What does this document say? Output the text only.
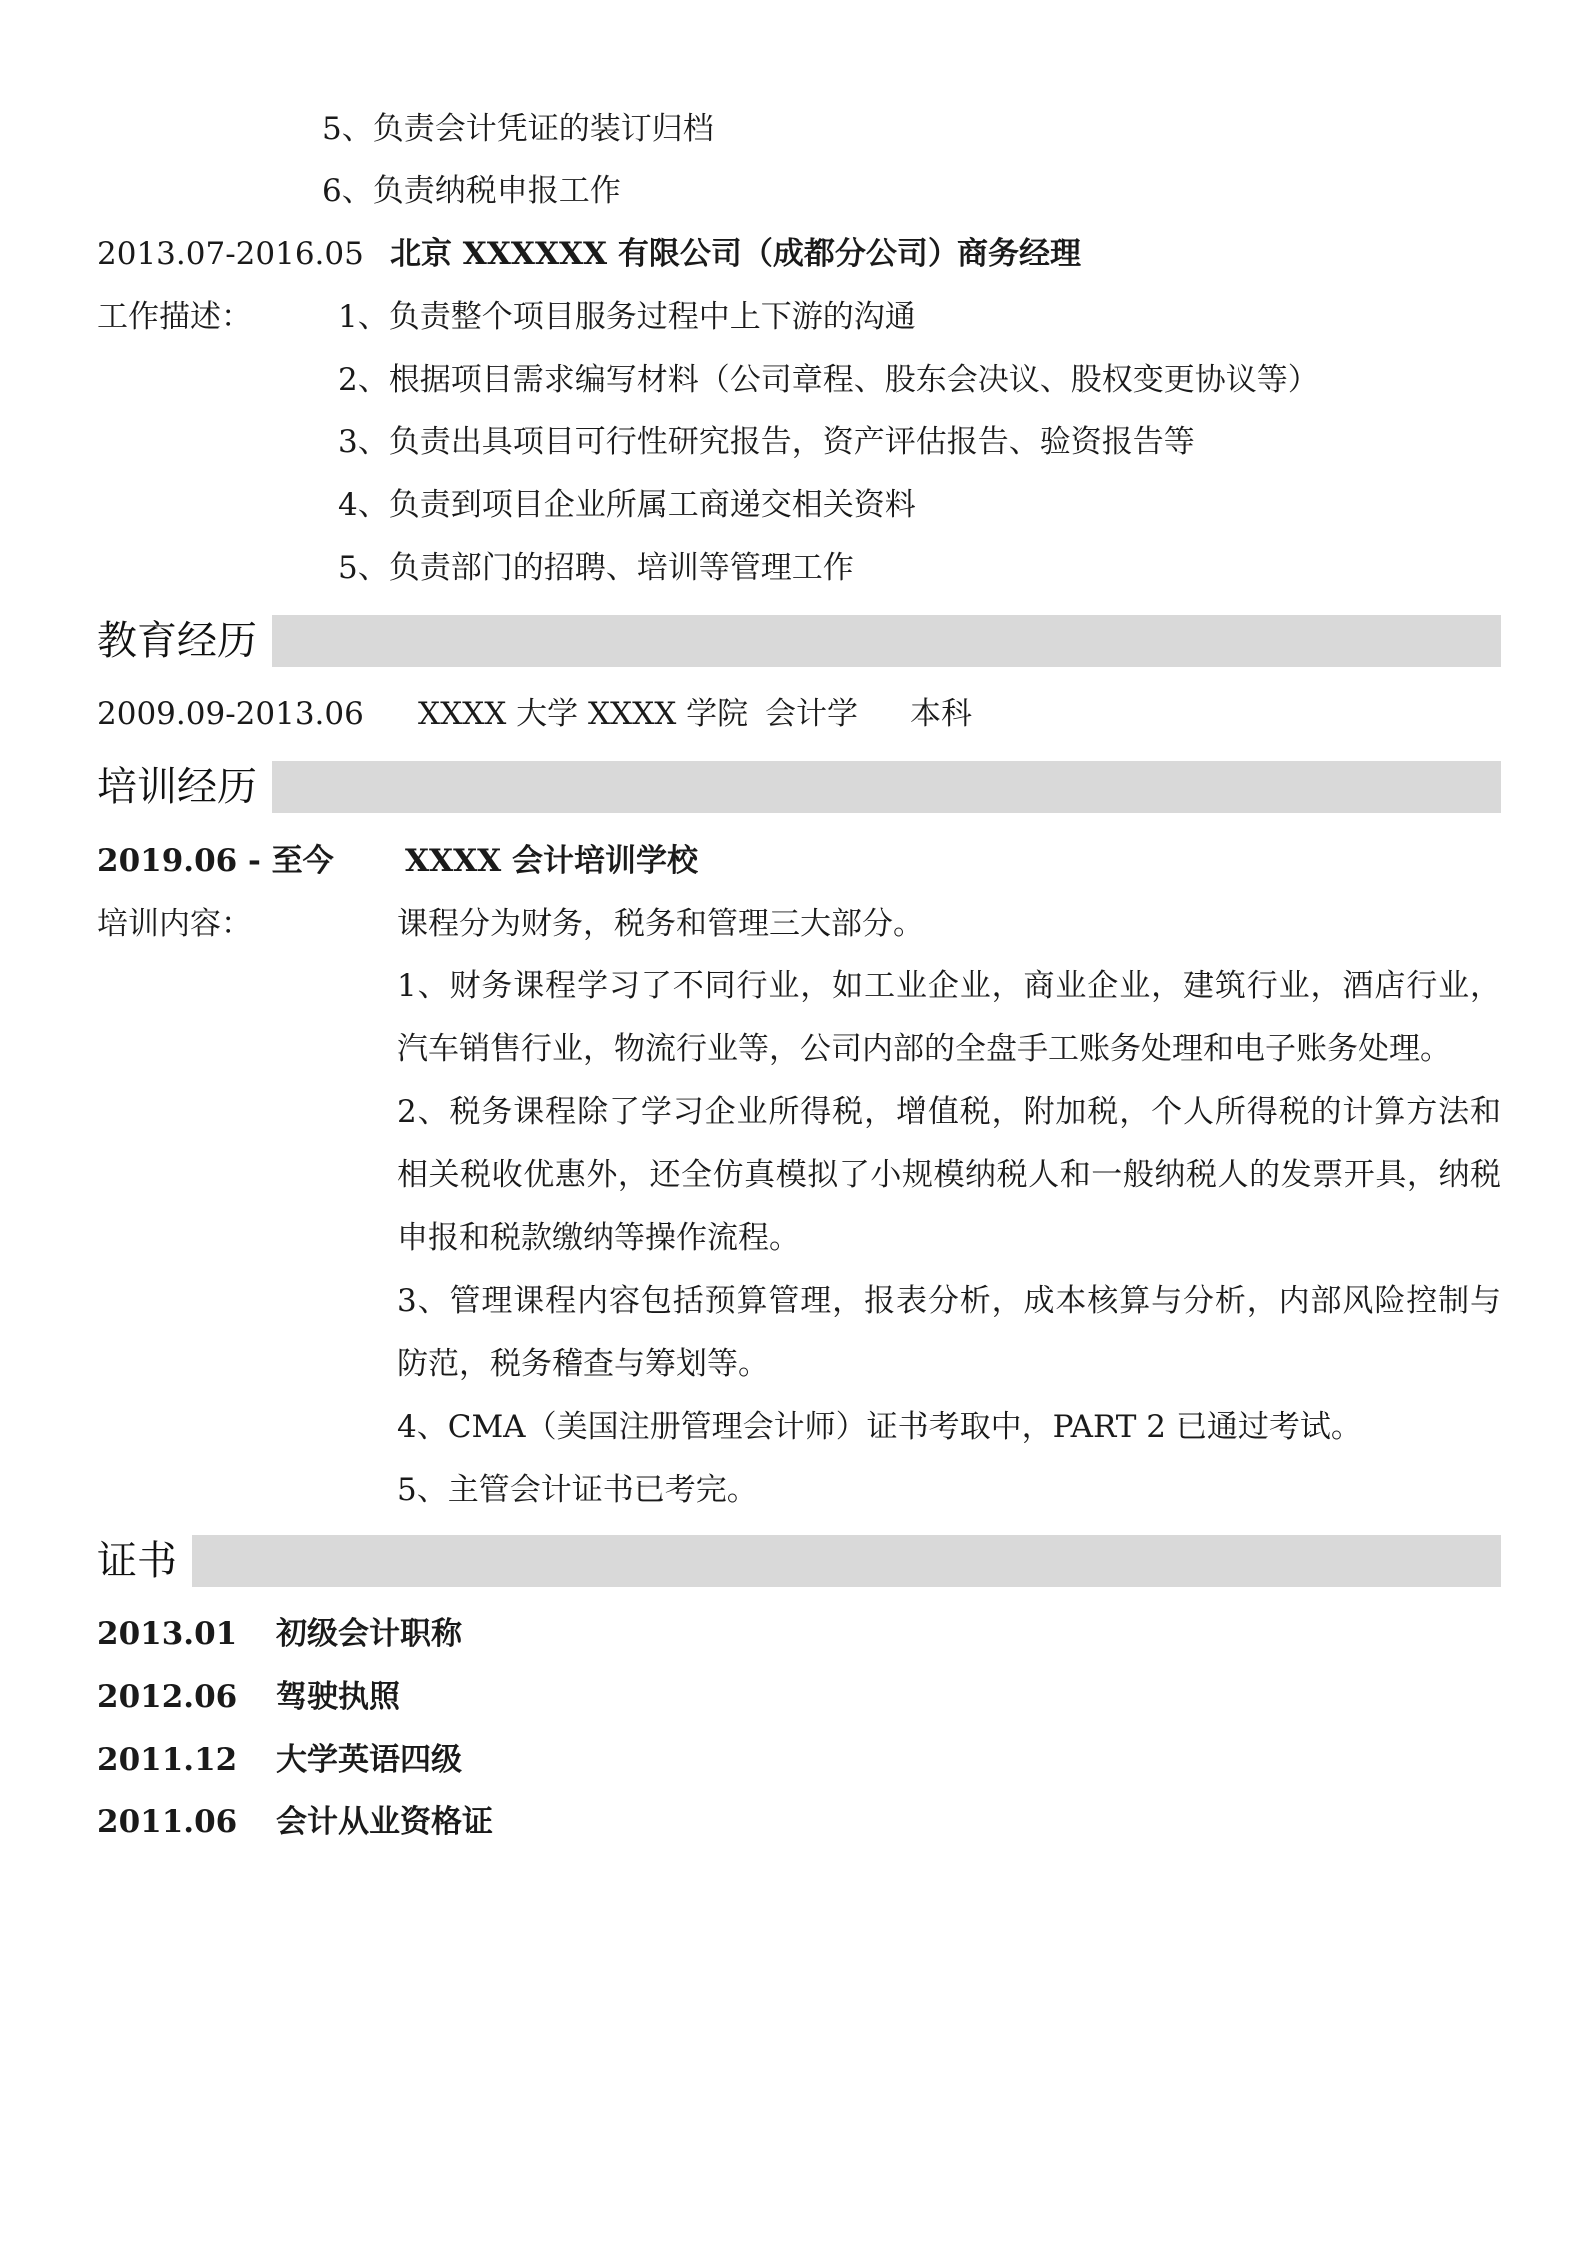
5、负责会计凭证的装订归档
6、负责纳税申报工作
2013.07-2016.05 北京 XXXXXX 有限公司（成都分公司）
商务经理
工作描述：	1、负责整个项目服务过程中上下游的沟通
2、根据项目需求编写材料（公司章程、股东会决议、股权变更协议等）
3、负责出具项目可行性研究报告，资产评估报告、验资报告等
4、负责到项目企业所属工商递交相关资料
5、负责部门的招聘、培训等管理工作
教育经历
2009.09-2013.06 XXXX 大学 XXXX 学院 会计学 本科
培训经历
2019.06 - 至今 XXXX 会计培训学校
培训内容：	课程分为财务，税务和管理三大部分。
1、财务课程学习了不同行业，如工业企业，商业企业，建筑行业，酒店行业，汽车销售行业，物流行业等，公司内部的全盘手工账务处理和电子账务处理。
2、税务课程除了学习企业所得税，增值税，附加税，个人所得税的计算方法和相关税收优惠外，还全仿真模拟了小规模纳税人和一般纳税人的发票开具，纳税申报和税款缴纳等操作流程。
3、管理课程内容包括预算管理，报表分析，成本核算与分析，内部风险控制与防范，税务稽查与筹划等。
4、CMA（美国注册管理会计师）证书考取中，PART 2 已通过考试。
5、主管会计证书已考完。
证书
2013.01 初级会计职称
2012.06 驾驶执照
2011.12 大学英语四级
2011.06 会计从业资格证
